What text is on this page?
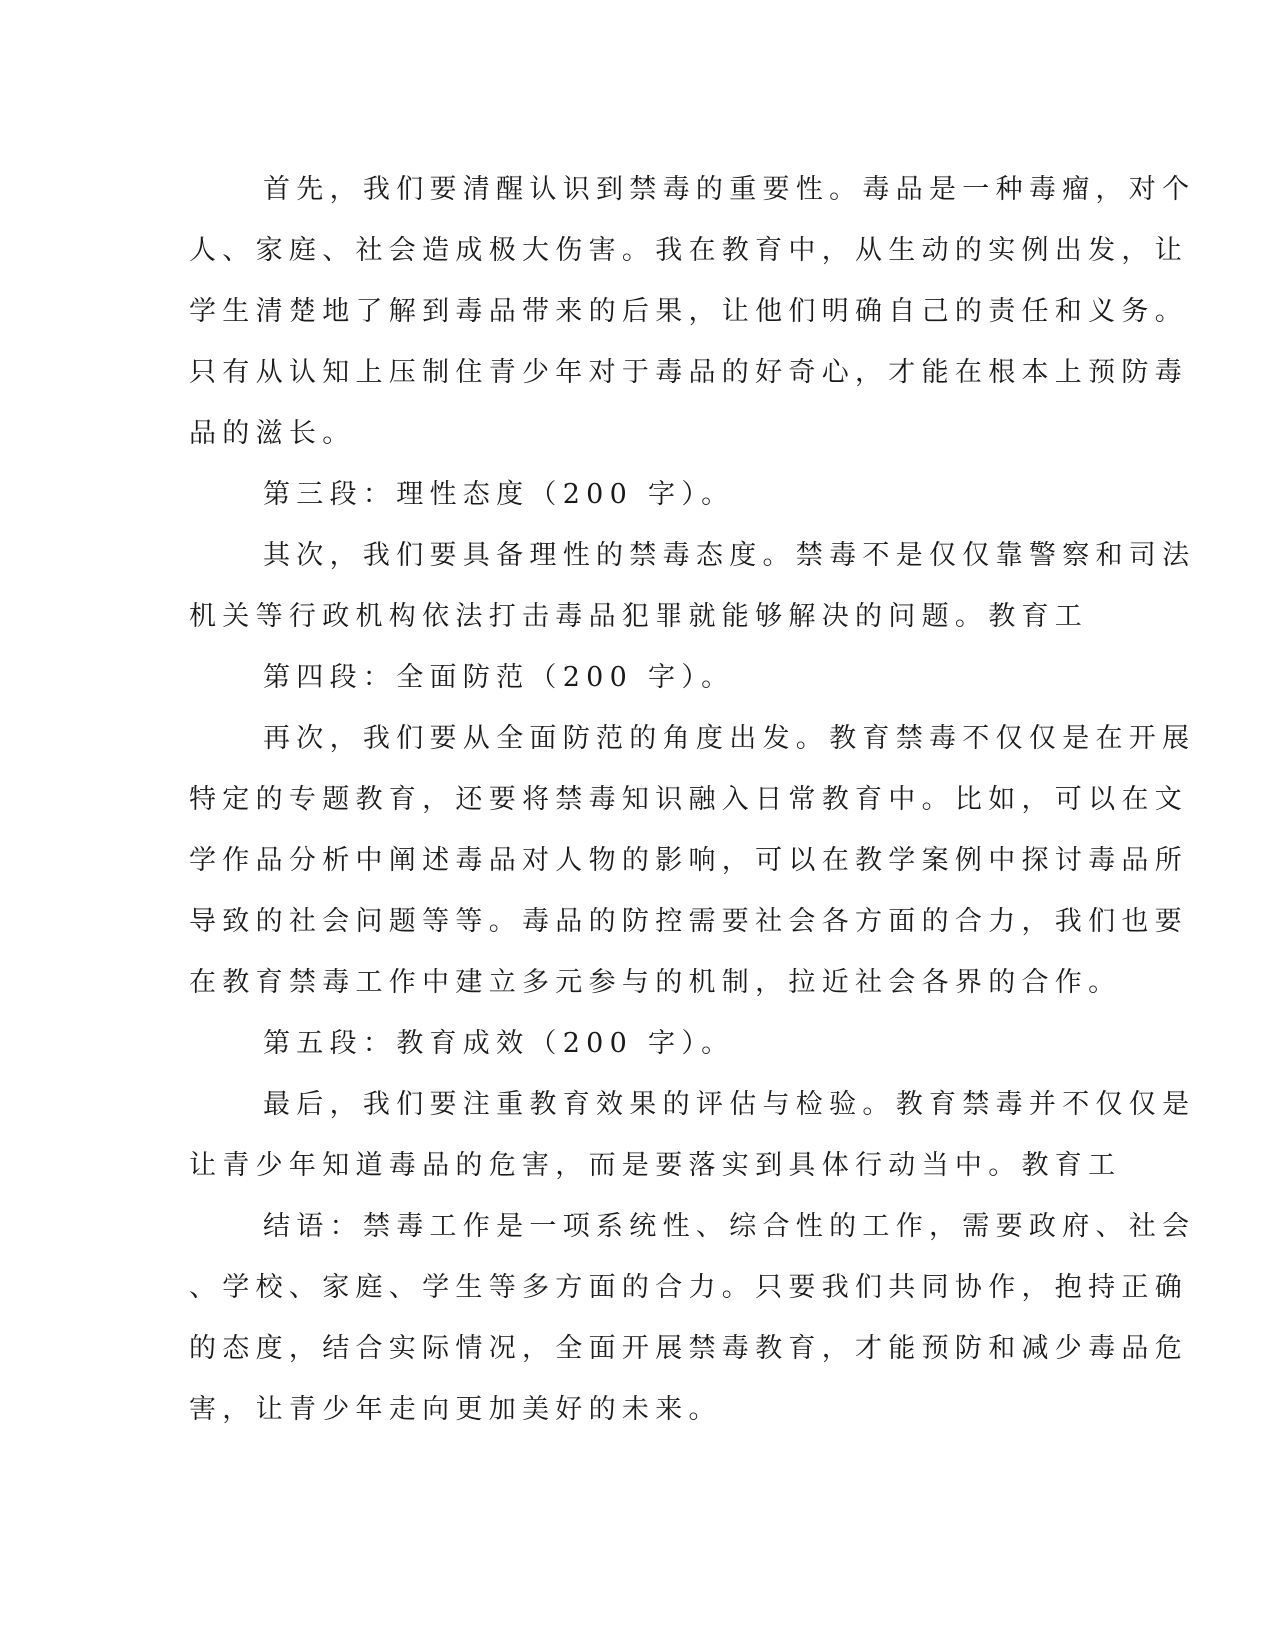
首先，我们要清醒认识到禁毒的重要性。毒品是一种毒瘤，对个
人、家庭、社会造成极大伤害。我在教育中，从生动的实例出发，让
学生清楚地了解到毒品带来的后果，让他们明确自己的责任和义务。
只有从认知上压制住青少年对于毒品的好奇心，才能在根本上预防毒
品的滋长。
第三段：理性态度（200 字）。
其次，我们要具备理性的禁毒态度。禁毒不是仅仅靠警察和司法
机关等行政机构依法打击毒品犯罪就能够解决的问题。教育工
第四段：全面防范（200 字）。
再次，我们要从全面防范的角度出发。教育禁毒不仅仅是在开展
特定的专题教育，还要将禁毒知识融入日常教育中。比如，可以在文
学作品分析中阐述毒品对人物的影响，可以在教学案例中探讨毒品所
导致的社会问题等等。毒品的防控需要社会各方面的合力，我们也要
在教育禁毒工作中建立多元参与的机制，拉近社会各界的合作。
第五段：教育成效（200 字）。
最后，我们要注重教育效果的评估与检验。教育禁毒并不仅仅是
让青少年知道毒品的危害，而是要落实到具体行动当中。教育工
结语：禁毒工作是一项系统性、综合性的工作，需要政府、社会
、学校、家庭、学生等多方面的合力。只要我们共同协作，抱持正确
的态度，结合实际情况，全面开展禁毒教育，才能预防和减少毒品危
害，让青少年走向更加美好的未来。
